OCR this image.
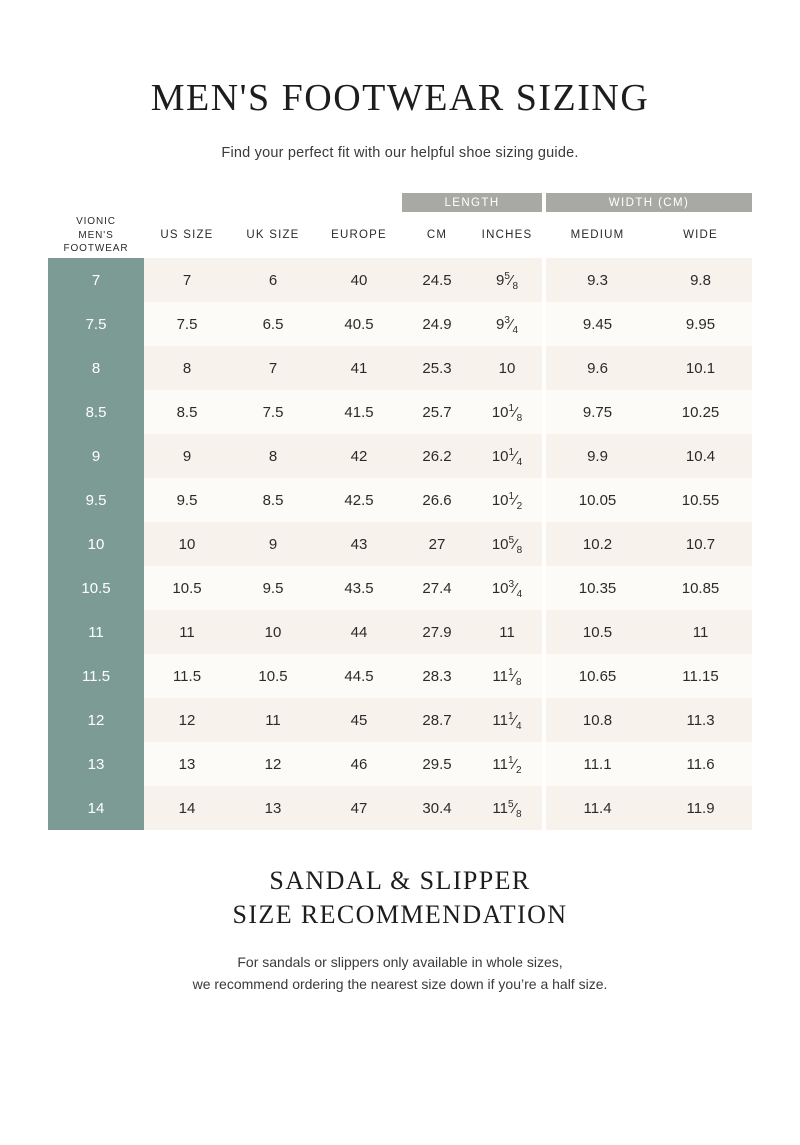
MEN'S FOOTWEAR SIZING

Find your perfect fit with our helpful shoe sizing guide.

				LENGTH			WIDTH (CM)	
VIONIC
MEN'S
FOOTWEAR	US SIZE	UK SIZE	EUROPE	CM	INCHES		MEDIUM	WIDE
7	7	6	40	24.5	$9^5⁄_8$		9.3	9.8
7.5	7.5	6.5	40.5	24.9	$9^3⁄_4$		9.45	9.95
8	8	7	41	25.3	10		9.6	10.1
8.5	8.5	7.5	41.5	25.7	$10^1⁄_8$		9.75	10.25
9	9	8	42	26.2	$10^1⁄_4$		9.9	10.4
9.5	9.5	8.5	42.5	26.6	$10^1⁄_2$		10.05	10.55
10	10	9	43	27	$10^5⁄_8$		10.2	10.7
10.5	10.5	9.5	43.5	27.4	$10^3⁄_4$		10.35	10.85
11	11	10	44	27.9	11		10.5	11
11.5	11.5	10.5	44.5	28.3	$11^1⁄_8$		10.65	11.15
12	12	11	45	28.7	$11^1⁄_4$		10.8	11.3
13	13	12	46	29.5	$11^1⁄_2$		11.1	11.6
14	14	13	47	30.4	$11^5⁄_8$		11.4	11.9
SANDAL & SLIPPER
SIZE RECOMMENDATION

For sandals or slippers only available in whole sizes,
we recommend ordering the nearest size down if you’re a half size.
